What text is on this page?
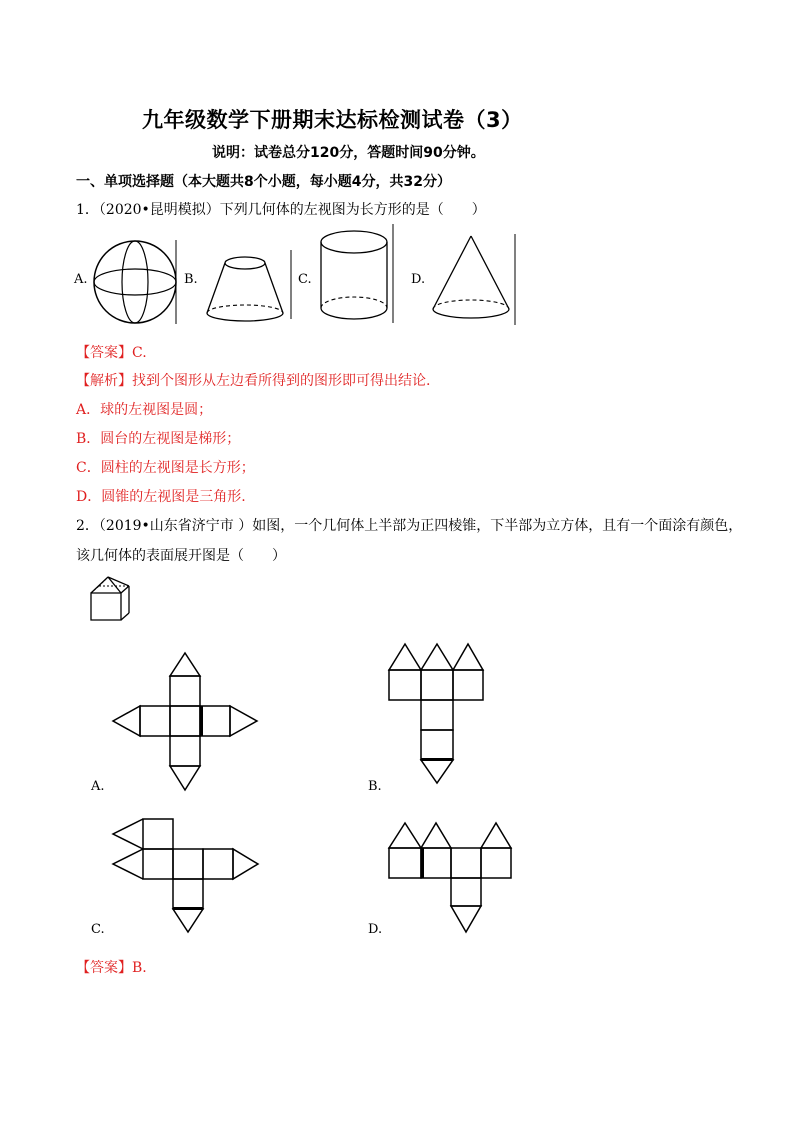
九年级数学下册期末达标检测试卷（3）
说明：试卷总分120分，答题时间90分钟。
一、单项选择题（本大题共8个小题，每小题4分，共32分）
1．（2020•昆明模拟）下列几何体的左视图为长方形的是（　　）
A.	B.	C.	D.
【答案】C.
【解析】找到个图形从左边看所得到的图形即可得出结论.
A．球的左视图是圆；
B．圆台的左视图是梯形；
C．圆柱的左视图是长方形；
D．圆锥的左视图是三角形.
2．（2019•山东省济宁市 ）如图，一个几何体上半部为正四棱锥，下半部为立方体，且有一个面涂有颜色，
该几何体的表面展开图是（　　）
A.	B.
C.	D.
【答案】B.
